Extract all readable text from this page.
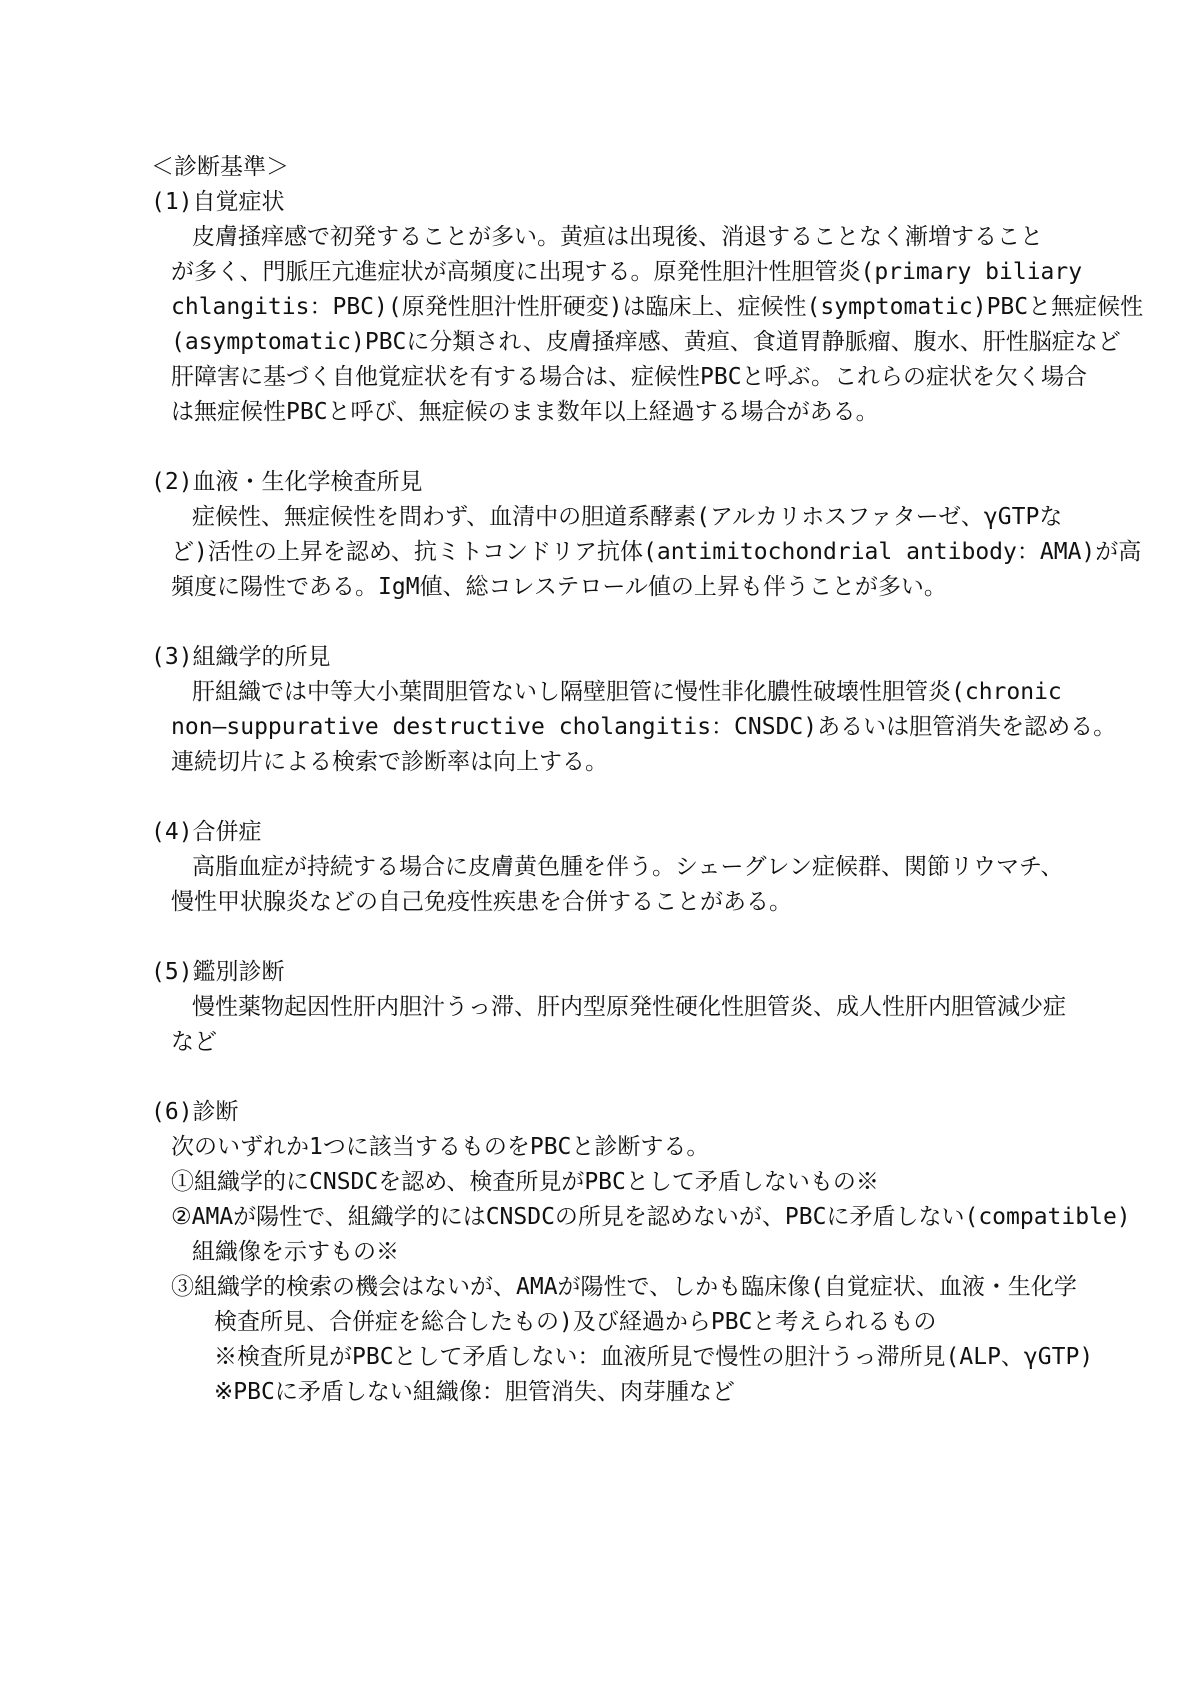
＜診断基準＞
(1)自覚症状
皮膚掻痒感で初発することが多い。黄疸は出現後、消退することなく漸増すること
が多く、門脈圧亢進症状が高頻度に出現する。原発性胆汁性胆管炎(primary biliary
chlangitis：PBC)(原発性胆汁性肝硬変)は臨床上、症候性(symptomatic)PBCと無症候性
(asymptomatic)PBCに分類され、皮膚掻痒感、黄疸、食道胃静脈瘤、腹水、肝性脳症など
肝障害に基づく自他覚症状を有する場合は、症候性PBCと呼ぶ。これらの症状を欠く場合
は無症候性PBCと呼び、無症候のまま数年以上経過する場合がある。
(2)血液・生化学検査所見
症候性、無症候性を問わず、血清中の胆道系酵素(アルカリホスファターゼ、γGTPな
ど)活性の上昇を認め、抗ミトコンドリア抗体(antimitochondrial antibody：AMA)が高
頻度に陽性である。IgM値、総コレステロール値の上昇も伴うことが多い。
(3)組織学的所見
肝組織では中等大小葉間胆管ないし隔壁胆管に慢性非化膿性破壊性胆管炎(chronic
non—suppurative destructive cholangitis：CNSDC)あるいは胆管消失を認める。
連続切片による検索で診断率は向上する。
(4)合併症
高脂血症が持続する場合に皮膚黄色腫を伴う。シェーグレン症候群、関節リウマチ、
慢性甲状腺炎などの自己免疫性疾患を合併することがある。
(5)鑑別診断
慢性薬物起因性肝内胆汁うっ滞、肝内型原発性硬化性胆管炎、成人性肝内胆管減少症
など
(6)診断
次のいずれか1つに該当するものをPBCと診断する。
①組織学的にCNSDCを認め、検査所見がPBCとして矛盾しないもの※
②AMAが陽性で、組織学的にはCNSDCの所見を認めないが、PBCに矛盾しない(compatible)
組織像を示すもの※
③組織学的検索の機会はないが、AMAが陽性で、しかも臨床像(自覚症状、血液・生化学
検査所見、合併症を総合したもの)及び経過からPBCと考えられるもの
※検査所見がPBCとして矛盾しない：血液所見で慢性の胆汁うっ滞所見(ALP、γGTP)
※PBCに矛盾しない組織像：胆管消失、肉芽腫など
